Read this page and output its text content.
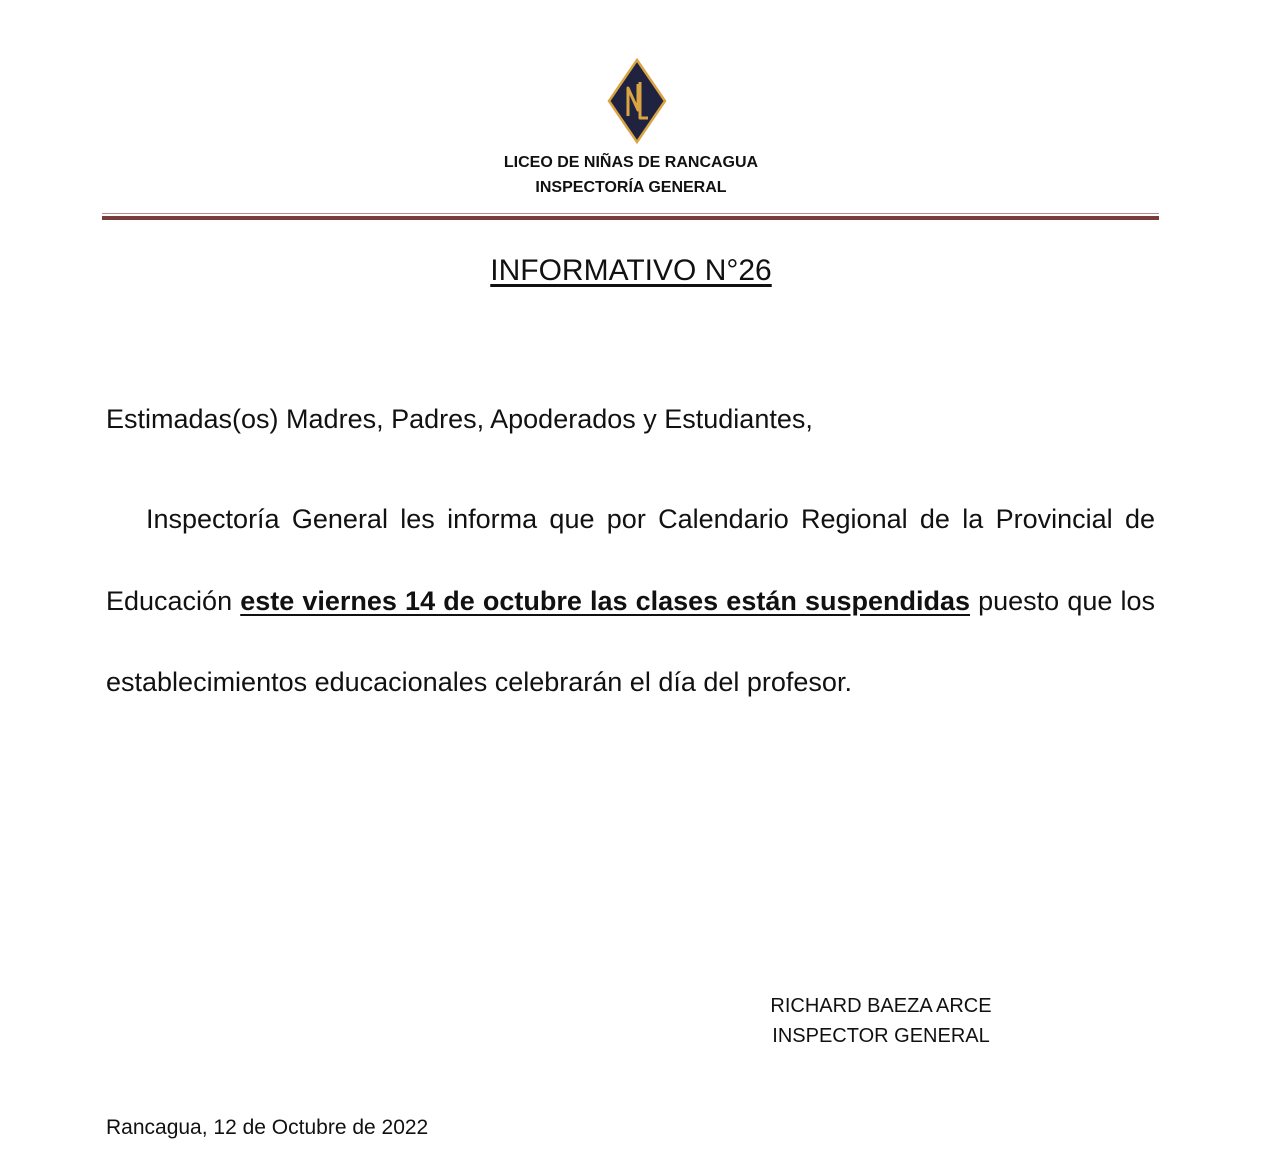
LICEO DE NIÑAS DE RANCAGUA
INSPECTORÍA GENERAL
INFORMATIVO N°26
Estimadas(os) Madres, Padres, Apoderados y Estudiantes,
Inspectoría General les informa que por Calendario Regional de la Provincial de Educación este viernes 14 de octubre las clases están suspendidas puesto que los establecimientos educacionales celebrarán el día del profesor.
RICHARD BAEZA ARCE
INSPECTOR GENERAL
Rancagua, 12 de Octubre de 2022
